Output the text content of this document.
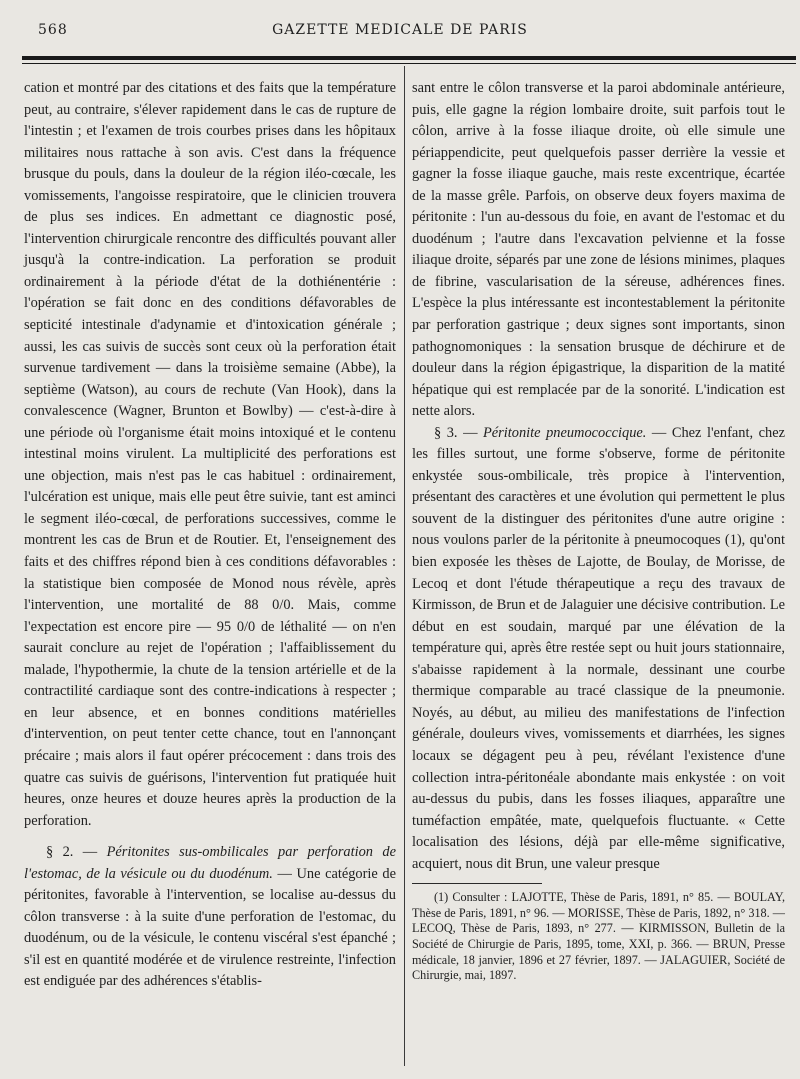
568	GAZETTE MEDICALE DE PARIS

cation et montré par des citations et des faits que la température peut, au contraire, s'élever rapidement dans le cas de rupture de l'intestin ; et l'examen de trois courbes prises dans les hôpitaux militaires nous rattache à son avis. C'est dans la fréquence brusque du pouls, dans la douleur de la région iléo-cœcale, les vomissements, l'angoisse respiratoire, que le clinicien trouvera de plus ses indices. En admettant ce diagnostic posé, l'intervention chirurgicale rencontre des difficultés pouvant aller jusqu'à la contre-indication. La perforation se produit ordinairement à la période d'état de la dothiénentérie : l'opération se fait donc en des conditions défavorables de septicité intestinale d'adynamie et d'intoxication générale ; aussi, les cas suivis de succès sont ceux où la perforation était survenue tardivement — dans la troisième semaine (Abbe), la septième (Watson), au cours de rechute (Van Hook), dans la convalescence (Wagner, Brunton et Bowlby) — c'est-à-dire à une période où l'organisme était moins intoxiqué et le contenu intestinal moins virulent. La multiplicité des perforations est une objection, mais n'est pas le cas habituel : ordinairement, l'ulcération est unique, mais elle peut être suivie, tant est aminci le segment iléo-cœcal, de perforations successives, comme le montrent les cas de Brun et de Routier. Et, l'enseignement des faits et des chiffres répond bien à ces conditions défavorables : la statistique bien composée de Monod nous révèle, après l'intervention, une mortalité de 88 0/0. Mais, comme l'expectation est encore pire — 95 0/0 de léthalité — on n'en saurait conclure au rejet de l'opération ; l'affaiblissement du malade, l'hypothermie, la chute de la tension artérielle et de la contractilité cardiaque sont des contre-indications à respecter ; en leur absence, et en bonnes conditions matérielles d'intervention, on peut tenter cette chance, tout en l'annonçant précaire ; mais alors il faut opérer précocement : dans trois des quatre cas suivis de guérisons, l'intervention fut pratiquée huit heures, onze heures et douze heures après la production de la perforation.

§ 2. — Péritonites sus-ombilicales par perforation de l'estomac, de la vésicule ou du duodénum. — Une catégorie de péritonites, favorable à l'intervention, se localise au-dessus du côlon transverse : à la suite d'une perforation de l'estomac, du duodénum, ou de la vésicule, le contenu viscéral s'est épanché ; s'il est en quantité modérée et de virulence restreinte, l'infection est endiguée par des adhérences s'établis-

sant entre le côlon transverse et la paroi abdominale antérieure, puis, elle gagne la région lombaire droite, suit parfois tout le côlon, arrive à la fosse iliaque droite, où elle simule une périappendicite, peut quelquefois passer derrière la vessie et gagner la fosse iliaque gauche, mais reste excentrique, écartée de la masse grêle. Parfois, on observe deux foyers maxima de péritonite : l'un au-dessous du foie, en avant de l'estomac et du duodénum ; l'autre dans l'excavation pelvienne et la fosse iliaque droite, séparés par une zone de lésions minimes, plaques de fibrine, vascularisation de la séreuse, adhérences fines. L'espèce la plus intéressante est incontestablement la péritonite par perforation gastrique ; deux signes sont importants, sinon pathognomoniques : la sensation brusque de déchirure et de douleur dans la région épigastrique, la disparition de la matité hépatique qui est remplacée par de la sonorité. L'indication est nette alors.

§ 3. — Péritonite pneumococcique. — Chez l'enfant, chez les filles surtout, une forme s'observe, forme de péritonite enkystée sous-ombilicale, très propice à l'intervention, présentant des caractères et une évolution qui permettent le plus souvent de la distinguer des péritonites d'une autre origine : nous voulons parler de la péritonite à pneumocoques (1), qu'ont bien exposée les thèses de Lajotte, de Boulay, de Morisse, de Lecoq et dont l'étude thérapeutique a reçu des travaux de Kirmisson, de Brun et de Jalaguier une décisive contribution. Le début en est soudain, marqué par une élévation de la température qui, après être restée sept ou huit jours stationnaire, s'abaisse rapidement à la normale, dessinant une courbe thermique comparable au tracé classique de la pneumonie. Noyés, au début, au milieu des manifestations de l'infection générale, douleurs vives, vomissements et diarrhées, les signes locaux se dégagent peu à peu, révélant l'existence d'une collection intra-péritonéale abondante mais enkystée : on voit au-dessus du pubis, dans les fosses iliaques, apparaître une tuméfaction empâtée, mate, quelquefois fluctuante. « Cette localisation des lésions, déjà par elle-même significative, acquiert, nous dit Brun, une valeur presque

(1) Consulter : LAJOTTE, Thèse de Paris, 1891, n° 85. — BOULAY, Thèse de Paris, 1891, n° 96. — MORISSE, Thèse de Paris, 1892, n° 318. — LECOQ, Thèse de Paris, 1893, n° 277. — KIRMISSON, Bulletin de la Société de Chirurgie de Paris, 1895, tome, XXI, p. 366. — BRUN, Presse médicale, 18 janvier, 1896 et 27 février, 1897. — JALAGUIER, Société de Chirurgie, mai, 1897.
